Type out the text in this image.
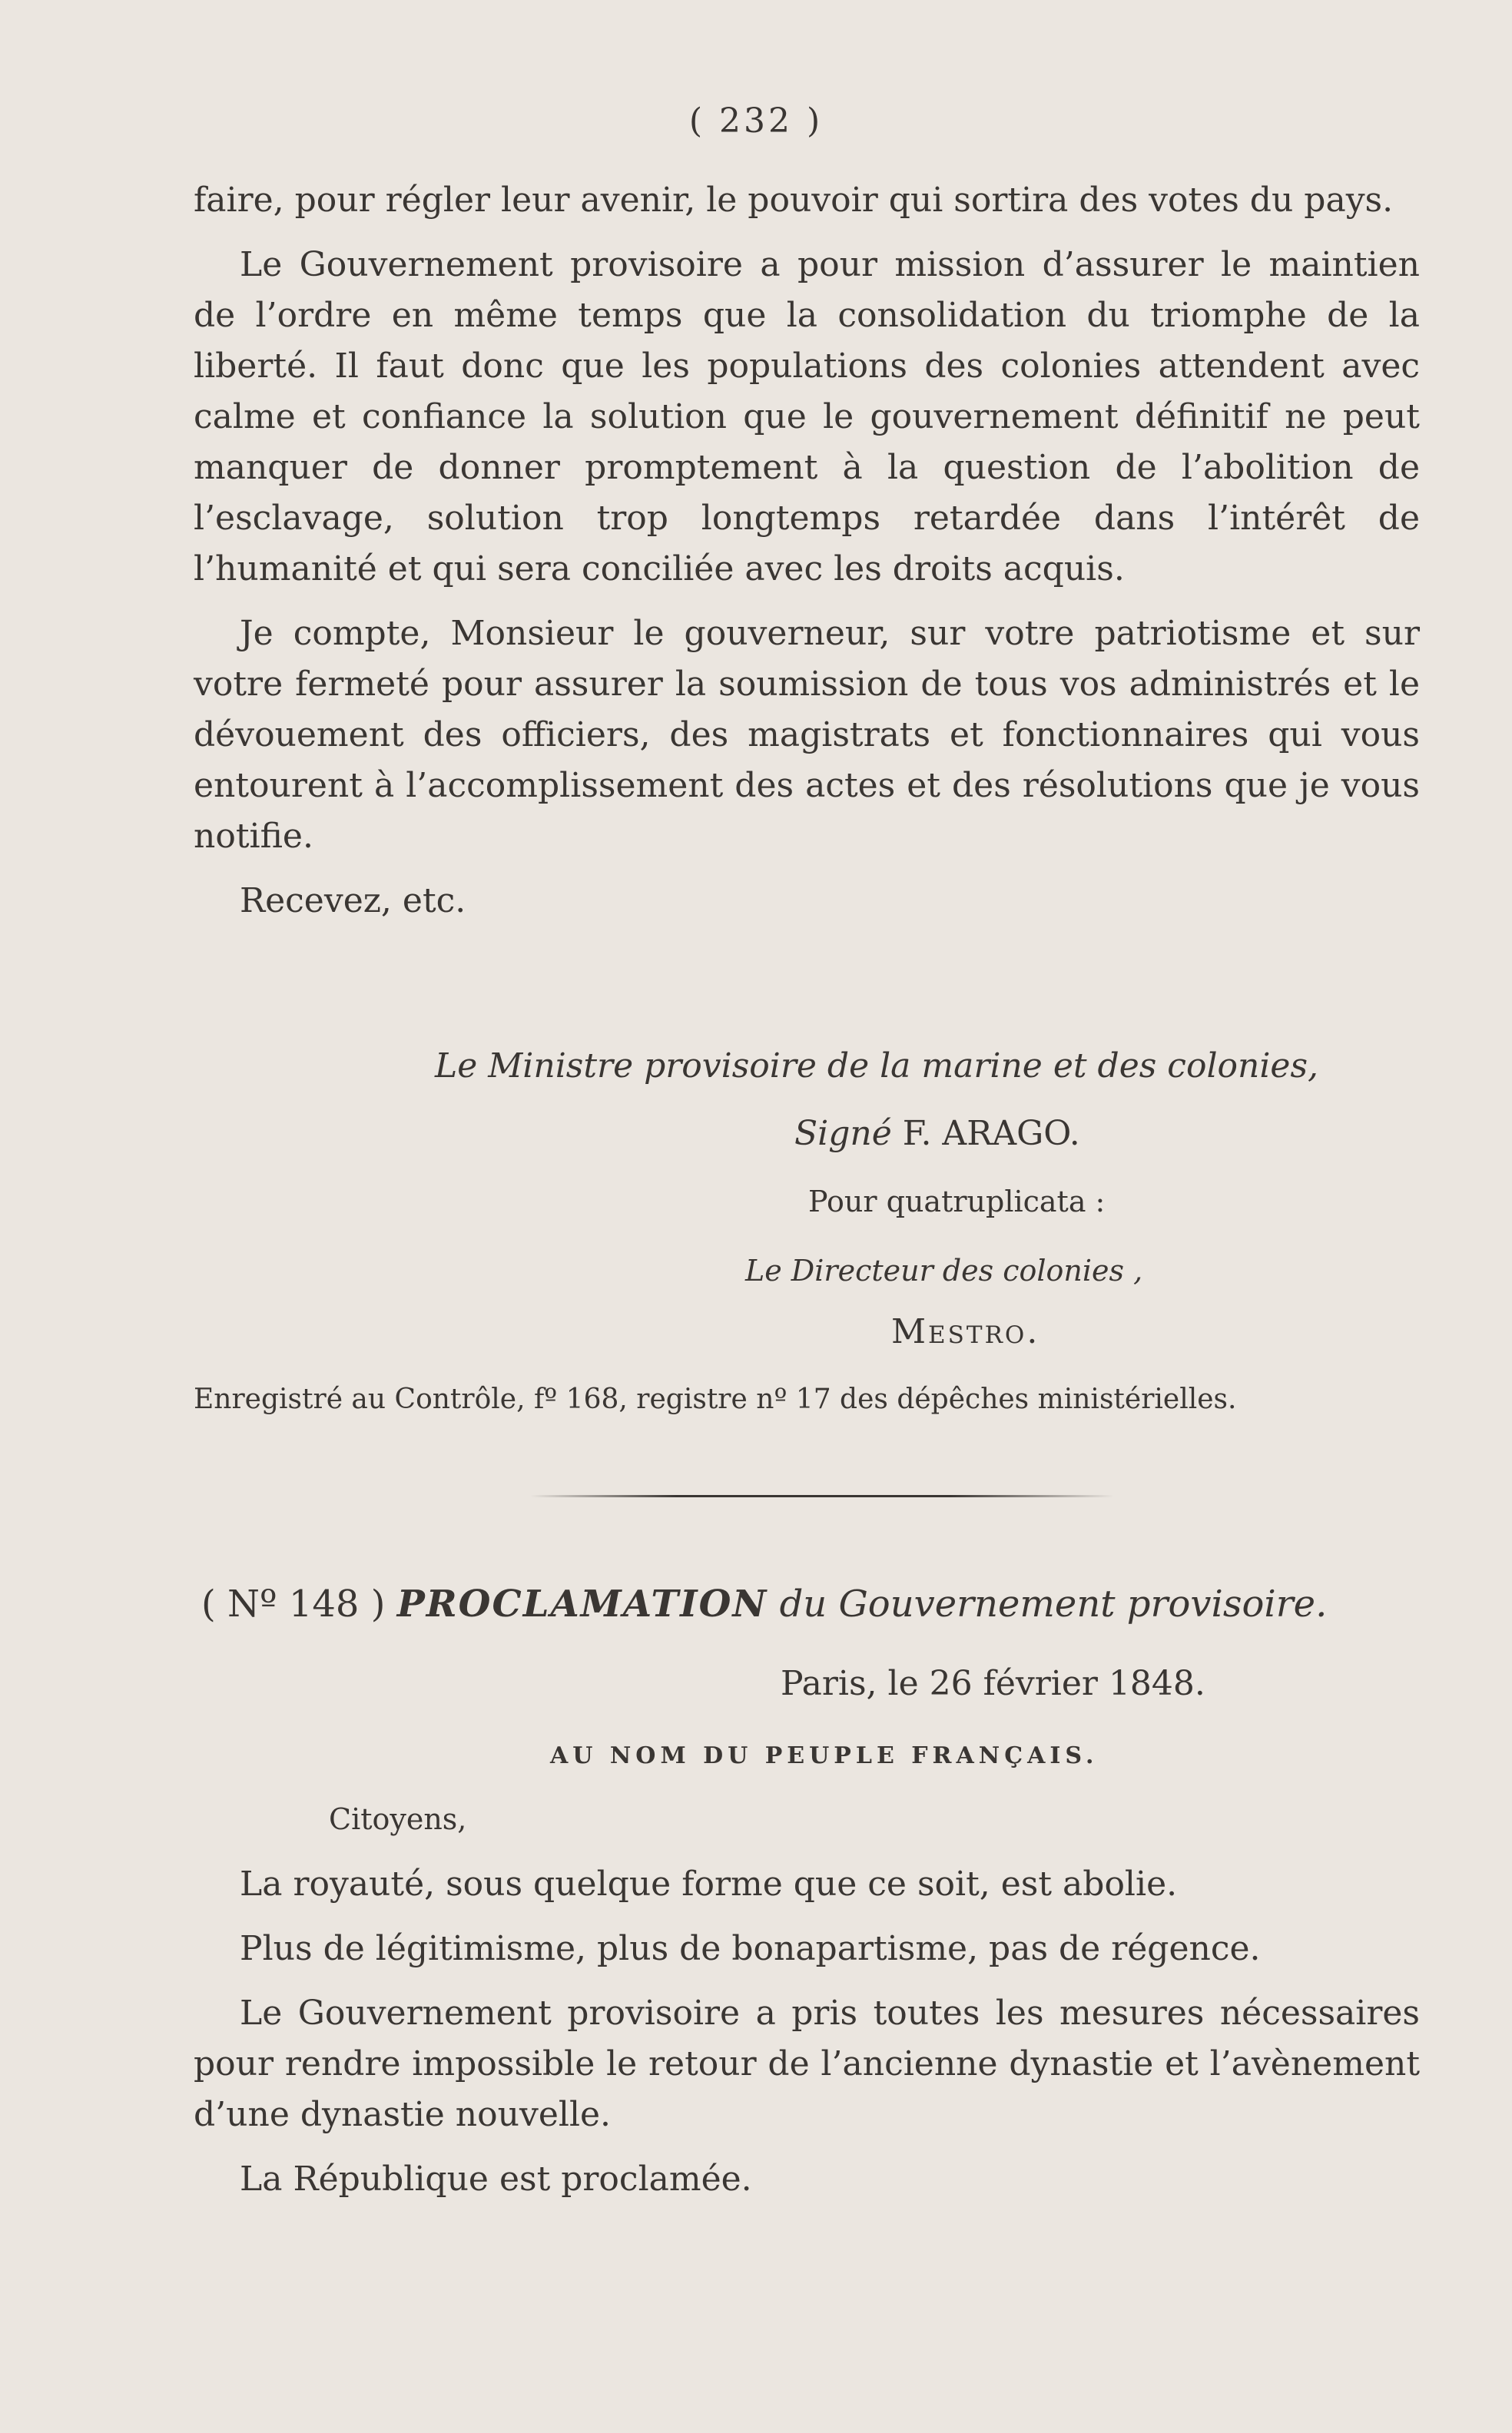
( 232 )

faire, pour régler leur avenir, le pouvoir qui sortira des votes du pays.

Le Gouvernement provisoire a pour mission d’assurer le maintien de l’ordre en même temps que la consolidation du triomphe de la liberté. Il faut donc que les populations des colonies attendent avec calme et confiance la solution que le gouvernement définitif ne peut manquer de donner promptement à la question de l’abolition de l’esclavage, solution trop longtemps retardée dans l’intérêt de l’humanité et qui sera conciliée avec les droits acquis.

Je compte, Monsieur le gouverneur, sur votre patriotisme et sur votre fermeté pour assurer la soumission de tous vos administrés et le dévouement des officiers, des magistrats et fonctionnaires qui vous entourent à l’accomplissement des actes et des résolutions que je vous notifie.

Recevez, etc.

Le Ministre provisoire de la marine et des colonies,
Signé F. ARAGO.
Pour quatruplicata :
Le Directeur des colonies ,
Mestro.
Enregistré au Contrôle, fº 168, registre nº 17 des dépêches ministérielles.
( Nº 148 ) PROCLAMATION du Gouvernement provisoire.
Paris, le 26 février 1848.
AU NOM DU PEUPLE FRANÇAIS.
Citoyens,

La royauté, sous quelque forme que ce soit, est abolie.

Plus de légitimisme, plus de bonapartisme, pas de régence.

Le Gouvernement provisoire a pris toutes les mesures nécessaires pour rendre impossible le retour de l’ancienne dynastie et l’avènement d’une dynastie nouvelle.

La République est proclamée.
